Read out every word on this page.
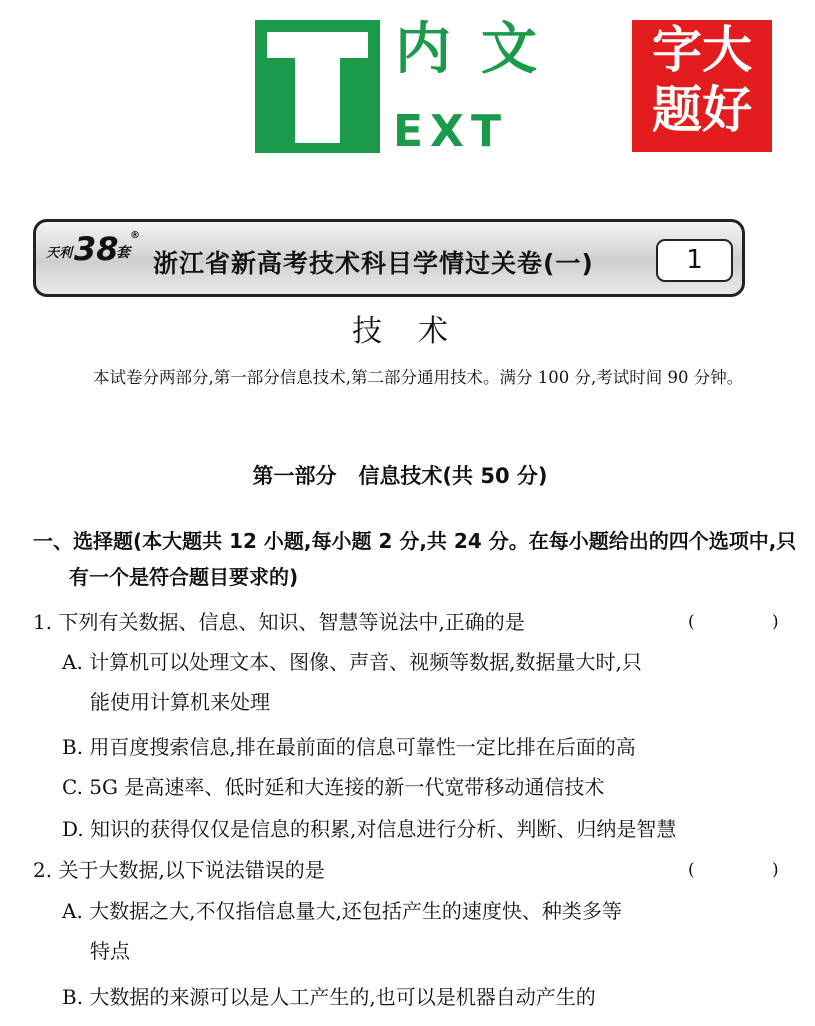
内文
EXT
字大
题好
天利 38
套
®
浙江省新高考技术科目学情过关卷(一)	1
技术
本试卷分两部分,第一部分信息技术,第二部分通用技术。满分 100 分,考试时间 90 分钟。
第一部分   信息技术(共 50 分)
一、选择题(本大题共 12 小题,每小题 2 分,共 24 分。在每小题给出的四个选项中,只有一个是符合题目要求的)
1. 下列有关数据、信息、知识、智慧等说法中,正确的是	( )
A. 计算机可以处理文本、图像、声音、视频等数据,数据量大时,只
能使用计算机来处理
B. 用百度搜索信息,排在最前面的信息可靠性一定比排在后面的高
C. 5G 是高速率、低时延和大连接的新一代宽带移动通信技术
D. 知识的获得仅仅是信息的积累,对信息进行分析、判断、归纳是智慧
2. 关于大数据,以下说法错误的是	( )
A. 大数据之大,不仅指信息量大,还包括产生的速度快、种类多等
特点
B. 大数据的来源可以是人工产生的,也可以是机器自动产生的
